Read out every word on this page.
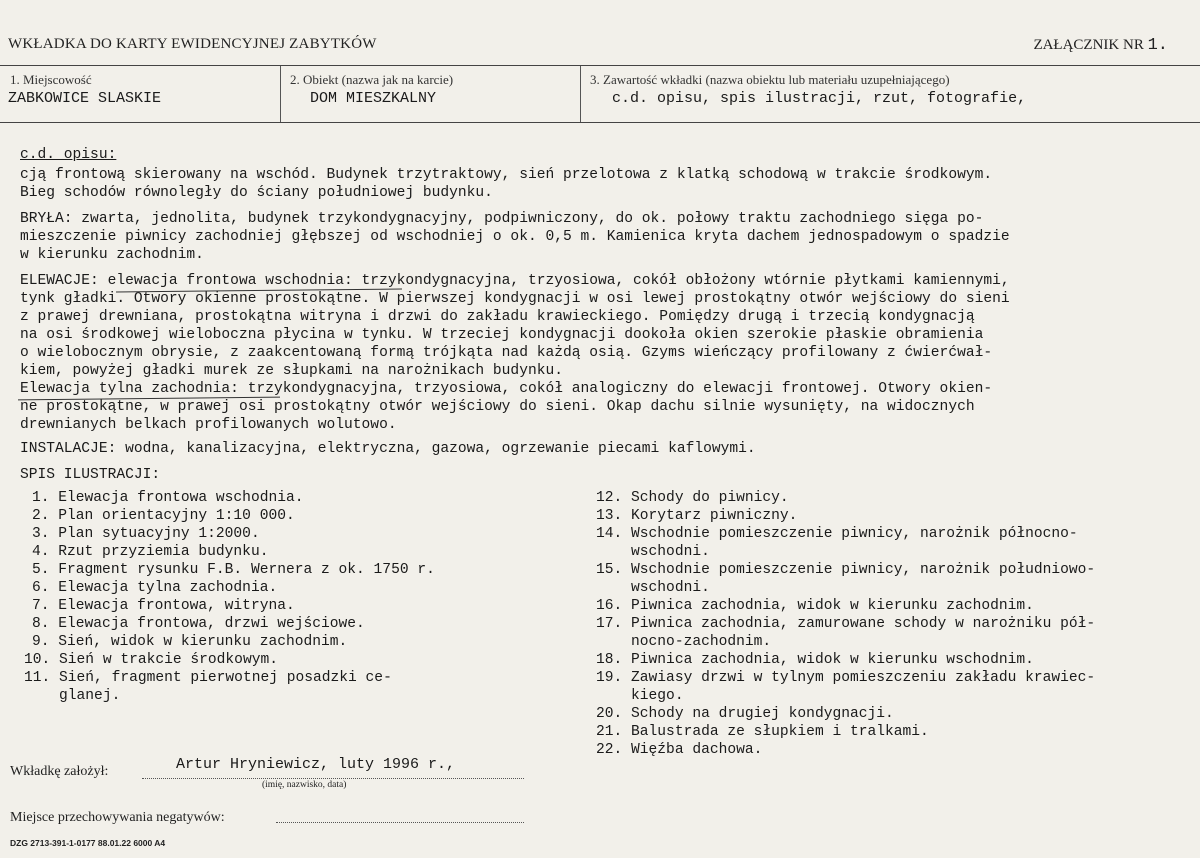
WKŁADKA DO KARTY EWIDENCYJNEJ ZABYTKÓW	ZAŁĄCZNIK NR 1.
1. Miejscowość
ZABKOWICE SLASKIE
2. Obiekt (nazwa jak na karcie)
DOM MIESZKALNY
3. Zawartość wkładki (nazwa obiektu lub materiału uzupełniającego)
c.d. opisu, spis ilustracji, rzut, fotografie,
c.d. opisu:
cją frontową skierowany na wschód. Budynek trzytraktowy, sień przelotowa z klatką schodową w trakcie środkowym.
Bieg schodów równoległy do ściany południowej budynku.
BRYŁA: zwarta, jednolita, budynek trzykondygnacyjny, podpiwniczony, do ok. połowy traktu zachodniego sięga po-
mieszczenie piwnicy zachodniej głębszej od wschodniej o ok. 0,5 m. Kamienica kryta dachem jednospadowym o spadzie
w kierunku zachodnim.
ELEWACJE: elewacja frontowa wschodnia: trzykondygnacyjna, trzyosiowa, cokół obłożony wtórnie płytkami kamiennymi,
tynk gładki. Otwory okienne prostokątne. W pierwszej kondygnacji w osi lewej prostokątny otwór wejściowy do sieni
z prawej drewniana, prostokątna witryna i drzwi do zakładu krawieckiego. Pomiędzy drugą i trzecią kondygnacją
na osi środkowej wieloboczna płycina w tynku. W trzeciej kondygnacji dookoła okien szerokie płaskie obramienia
o wielobocznym obrysie, z zaakcentowaną formą trójkąta nad każdą osią. Gzyms wieńczący profilowany z ćwierćwał-
kiem, powyżej gładki murek ze słupkami na narożnikach budynku.
Elewacja tylna zachodnia: trzykondygnacyjna, trzyosiowa, cokół analogiczny do elewacji frontowej. Otwory okien-
ne prostokątne, w prawej osi prostokątny otwór wejściowy do sieni. Okap dachu silnie wysunięty, na widocznych
drewnianych belkach profilowanych wolutowo.
INSTALACJE: wodna, kanalizacyjna, elektryczna, gazowa, ogrzewanie piecami kaflowymi.
SPIS ILUSTRACJI:
1. Elewacja frontowa wschodnia.
2. Plan orientacyjny 1:10 000.
3. Plan sytuacyjny 1:2000.
4. Rzut przyziemia budynku.
5. Fragment rysunku F.B. Wernera z ok. 1750 r.
6. Elewacja tylna zachodnia.
7. Elewacja frontowa, witryna.
8. Elewacja frontowa, drzwi wejściowe.
9. Sień, widok w kierunku zachodnim.
10. Sień w trakcie środkowym.
11. Sień, fragment pierwotnej posadzki ce-
glanej.
12. Schody do piwnicy.
13. Korytarz piwniczny.
14. Wschodnie pomieszczenie piwnicy, narożnik północno-
wschodni.
15. Wschodnie pomieszczenie piwnicy, narożnik południowo-
wschodni.
16. Piwnica zachodnia, widok w kierunku zachodnim.
17. Piwnica zachodnia, zamurowane schody w narożniku pół-
nocno-zachodnim.
18. Piwnica zachodnia, widok w kierunku wschodnim.
19. Zawiasy drzwi w tylnym pomieszczeniu zakładu krawiec-
kiego.
20. Schody na drugiej kondygnacji.
21. Balustrada ze słupkiem i tralkami.
22. Więźba dachowa.
Wkładkę założył:	Artur Hryniewicz, luty 1996 r.,
(imię, nazwisko, data)
Miejsce przechowywania negatywów:
DZG 2713-391-1-0177 88.01.22 6000 A4
